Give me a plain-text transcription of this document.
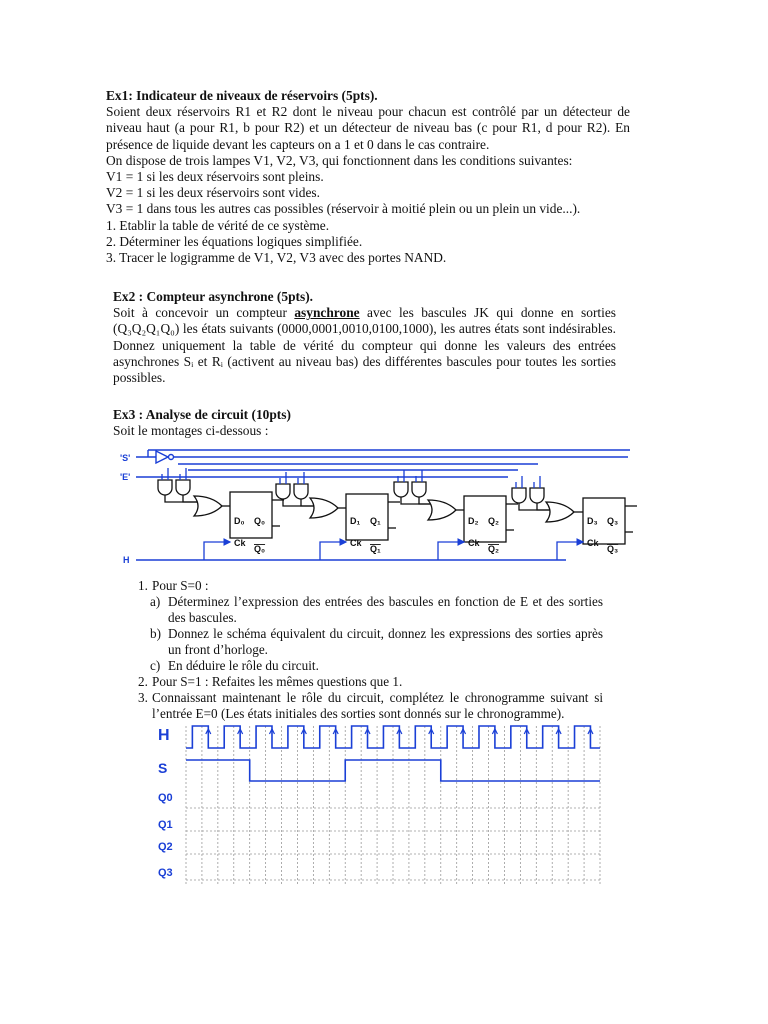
Ex1: Indicateur de niveaux de réservoirs (5pts).

Soient deux réservoirs R1 et R2 dont le niveau pour chacun est contrôlé par un détecteur de niveau haut (a pour R1, b pour R2) et un détecteur de niveau bas (c pour R1, d pour R2). En présence de liquide devant les capteurs on a 1 et 0 dans le cas contraire.

On dispose de trois lampes V1, V2, V3, qui fonctionnent dans les conditions suivantes:

V1 = 1 si les deux réservoirs sont pleins.

V2 = 1 si les deux réservoirs sont vides.

V3 = 1 dans tous les autres cas possibles (réservoir à moitié plein ou un plein un vide...).

1. Etablir la table de vérité de ce système.

2. Déterminer les équations logiques simplifiée.

3. Tracer le logigramme de V1, V2, V3 avec des portes NAND.

Ex2 : Compteur asynchrone (5pts).

Soit à concevoir un compteur asynchrone avec les bascules JK qui donne en sorties (Q₃Q₂Q₁Q₀) les états suivants (0000,0001,0010,0100,1000), les autres états sont indésirables. Donnez uniquement la table de vérité du compteur qui donne les valeurs des entrées asynchrones Sᵢ et Rᵢ (activent au niveau bas) des différentes bascules pour toutes les sorties possibles.

Ex3 : Analyse de circuit (10pts)

Soit le montages ci-dessous :

'S'
'E'
H
D₀ Q₀
Ck
Q₀
D₁ Q₁
Ck
Q₁
D₂ Q₂
Ck
Q₂
D₃ Q₃
Ck
Q₃
1. Pour S=0 :
a) Déterminez l’expression des entrées des bascules en fonction de E et des sorties des bascules.
b) Donnez le schéma équivalent du circuit, donnez les expressions des sorties après un front d’horloge.
c) En déduire le rôle du circuit.
2. Pour S=1 : Refaites les mêmes questions que 1.
3. Connaissant maintenant le rôle du circuit, complétez le chronogramme suivant si l’entrée E=0 (Les états initiales des sorties sont donnés sur le chronogramme).
H
S
Q0
Q1
Q2
Q3
